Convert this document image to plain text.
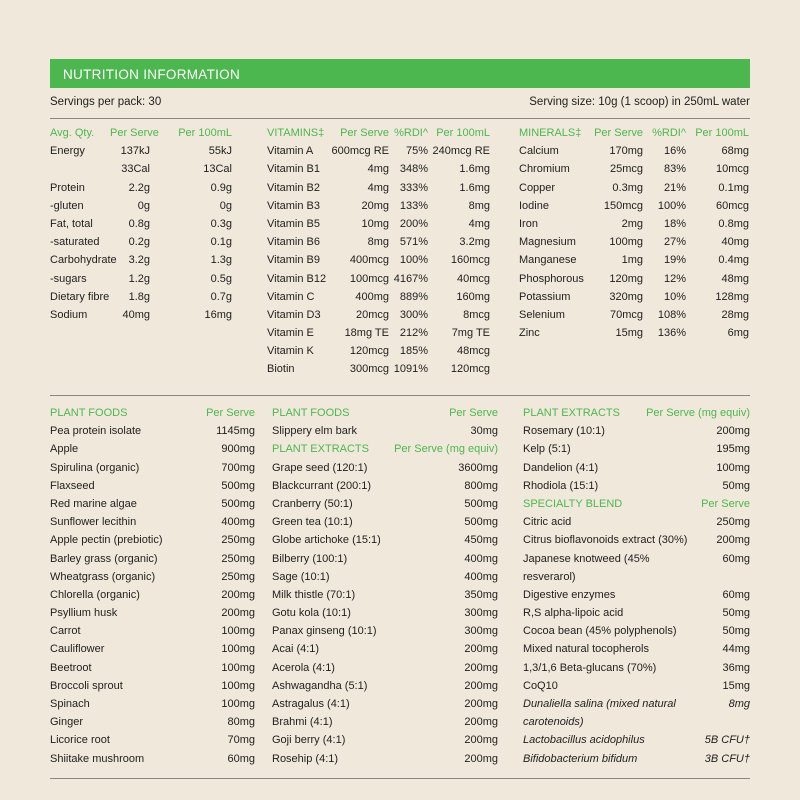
NUTRITION INFORMATION
Servings per pack: 30	Serving size: 10g (1 scoop) in 250mL water
Avg. Qty.	Per Serve	Per 100mL
Energy	137kJ	55kJ
33Cal	13Cal
Protein	2.2g	0.9g
-gluten	0g	0g
Fat, total	0.8g	0.3g
-saturated	0.2g	0.1g
Carbohydrate	3.2g	1.3g
-sugars	1.2g	0.5g
Dietary fibre	1.8g	0.7g
Sodium	40mg	16mg
VITAMINS‡	Per Serve %RDI^ Per 100mL
Vitamin A	600mcg RE	75% 240mcg RE
Vitamin B1	4mg 348%	1.6mg
Vitamin B2	4mg 333%	1.6mg
Vitamin B3	20mg 133%	8mg
Vitamin B5	10mg 200%	4mg
Vitamin B6	8mg 571%	3.2mg
Vitamin B9	400mcg 100%	160mcg
Vitamin B12	100mcg 4167%	40mcg
Vitamin C	400mg 889%	160mg
Vitamin D3	20mcg 300%	8mcg
Vitamin E	18mg TE 212%	7mg TE
Vitamin K	120mcg 185%	48mcg
Biotin	300mcg 1091%	120mcg
MINERALS‡	Per Serve %RDI^ Per 100mL
Calcium	170mg	16%	68mg
Chromium	25mcg	83%	10mcg
Copper	0.3mg	21%	0.1mg
Iodine	150mcg	100%	60mcg
Iron	2mg	18%	0.8mg
Magnesium	100mg	27%	40mg
Manganese	1mg	19%	0.4mg
Phosphorous	120mg	12%	48mg
Potassium	320mg	10%	128mg
Selenium	70mcg	108%	28mg
Zinc	15mg	136%	6mg
PLANT FOODS	Per Serve
Pea protein isolate	1145mg
Apple	900mg
Spirulina (organic)	700mg
Flaxseed	500mg
Red marine algae	500mg
Sunflower lecithin	400mg
Apple pectin (prebiotic)	250mg
Barley grass (organic)	250mg
Wheatgrass (organic)	250mg
Chlorella (organic)	200mg
Psyllium husk	200mg
Carrot	100mg
Cauliflower	100mg
Beetroot	100mg
Broccoli sprout	100mg
Spinach	100mg
Ginger	80mg
Licorice root	70mg
Shiitake mushroom	60mg
PLANT FOODS	Per Serve
Slippery elm bark	30mg
PLANT EXTRACTS Per Serve (mg equiv)
Grape seed (120:1)	3600mg
Blackcurrant (200:1)	800mg
Cranberry (50:1)	500mg
Green tea (10:1)	500mg
Globe artichoke (15:1)	450mg
Bilberry (100:1)	400mg
Sage (10:1)	400mg
Milk thistle (70:1)	350mg
Gotu kola (10:1)	300mg
Panax ginseng (10:1)	300mg
Acai (4:1)	200mg
Acerola (4:1)	200mg
Ashwagandha (5:1)	200mg
Astragalus (4:1)	200mg
Brahmi (4:1)	200mg
Goji berry (4:1)	200mg
Rosehip (4:1)	200mg
PLANT EXTRACTS Per Serve (mg equiv)
Rosemary (10:1)	200mg
Kelp (5:1)	195mg
Dandelion (4:1)	100mg
Rhodiola (15:1)	50mg
SPECIALTY BLEND	Per Serve
Citric acid	250mg
Citrus bioflavonoids extract (30%)	200mg
Japanese knotweed (45%	60mg
resverarol)
Digestive enzymes	60mg
R,S alpha-lipoic acid	50mg
Cocoa bean (45% polyphenols)	50mg
Mixed natural tocopherols	44mg
1,3/1,6 Beta-glucans (70%)	36mg
CoQ10	15mg
Dunaliella salina (mixed natural	8mg
carotenoids)
Lactobacillus acidophilus	5B CFU†
Bifidobacterium bifidum	3B CFU†
